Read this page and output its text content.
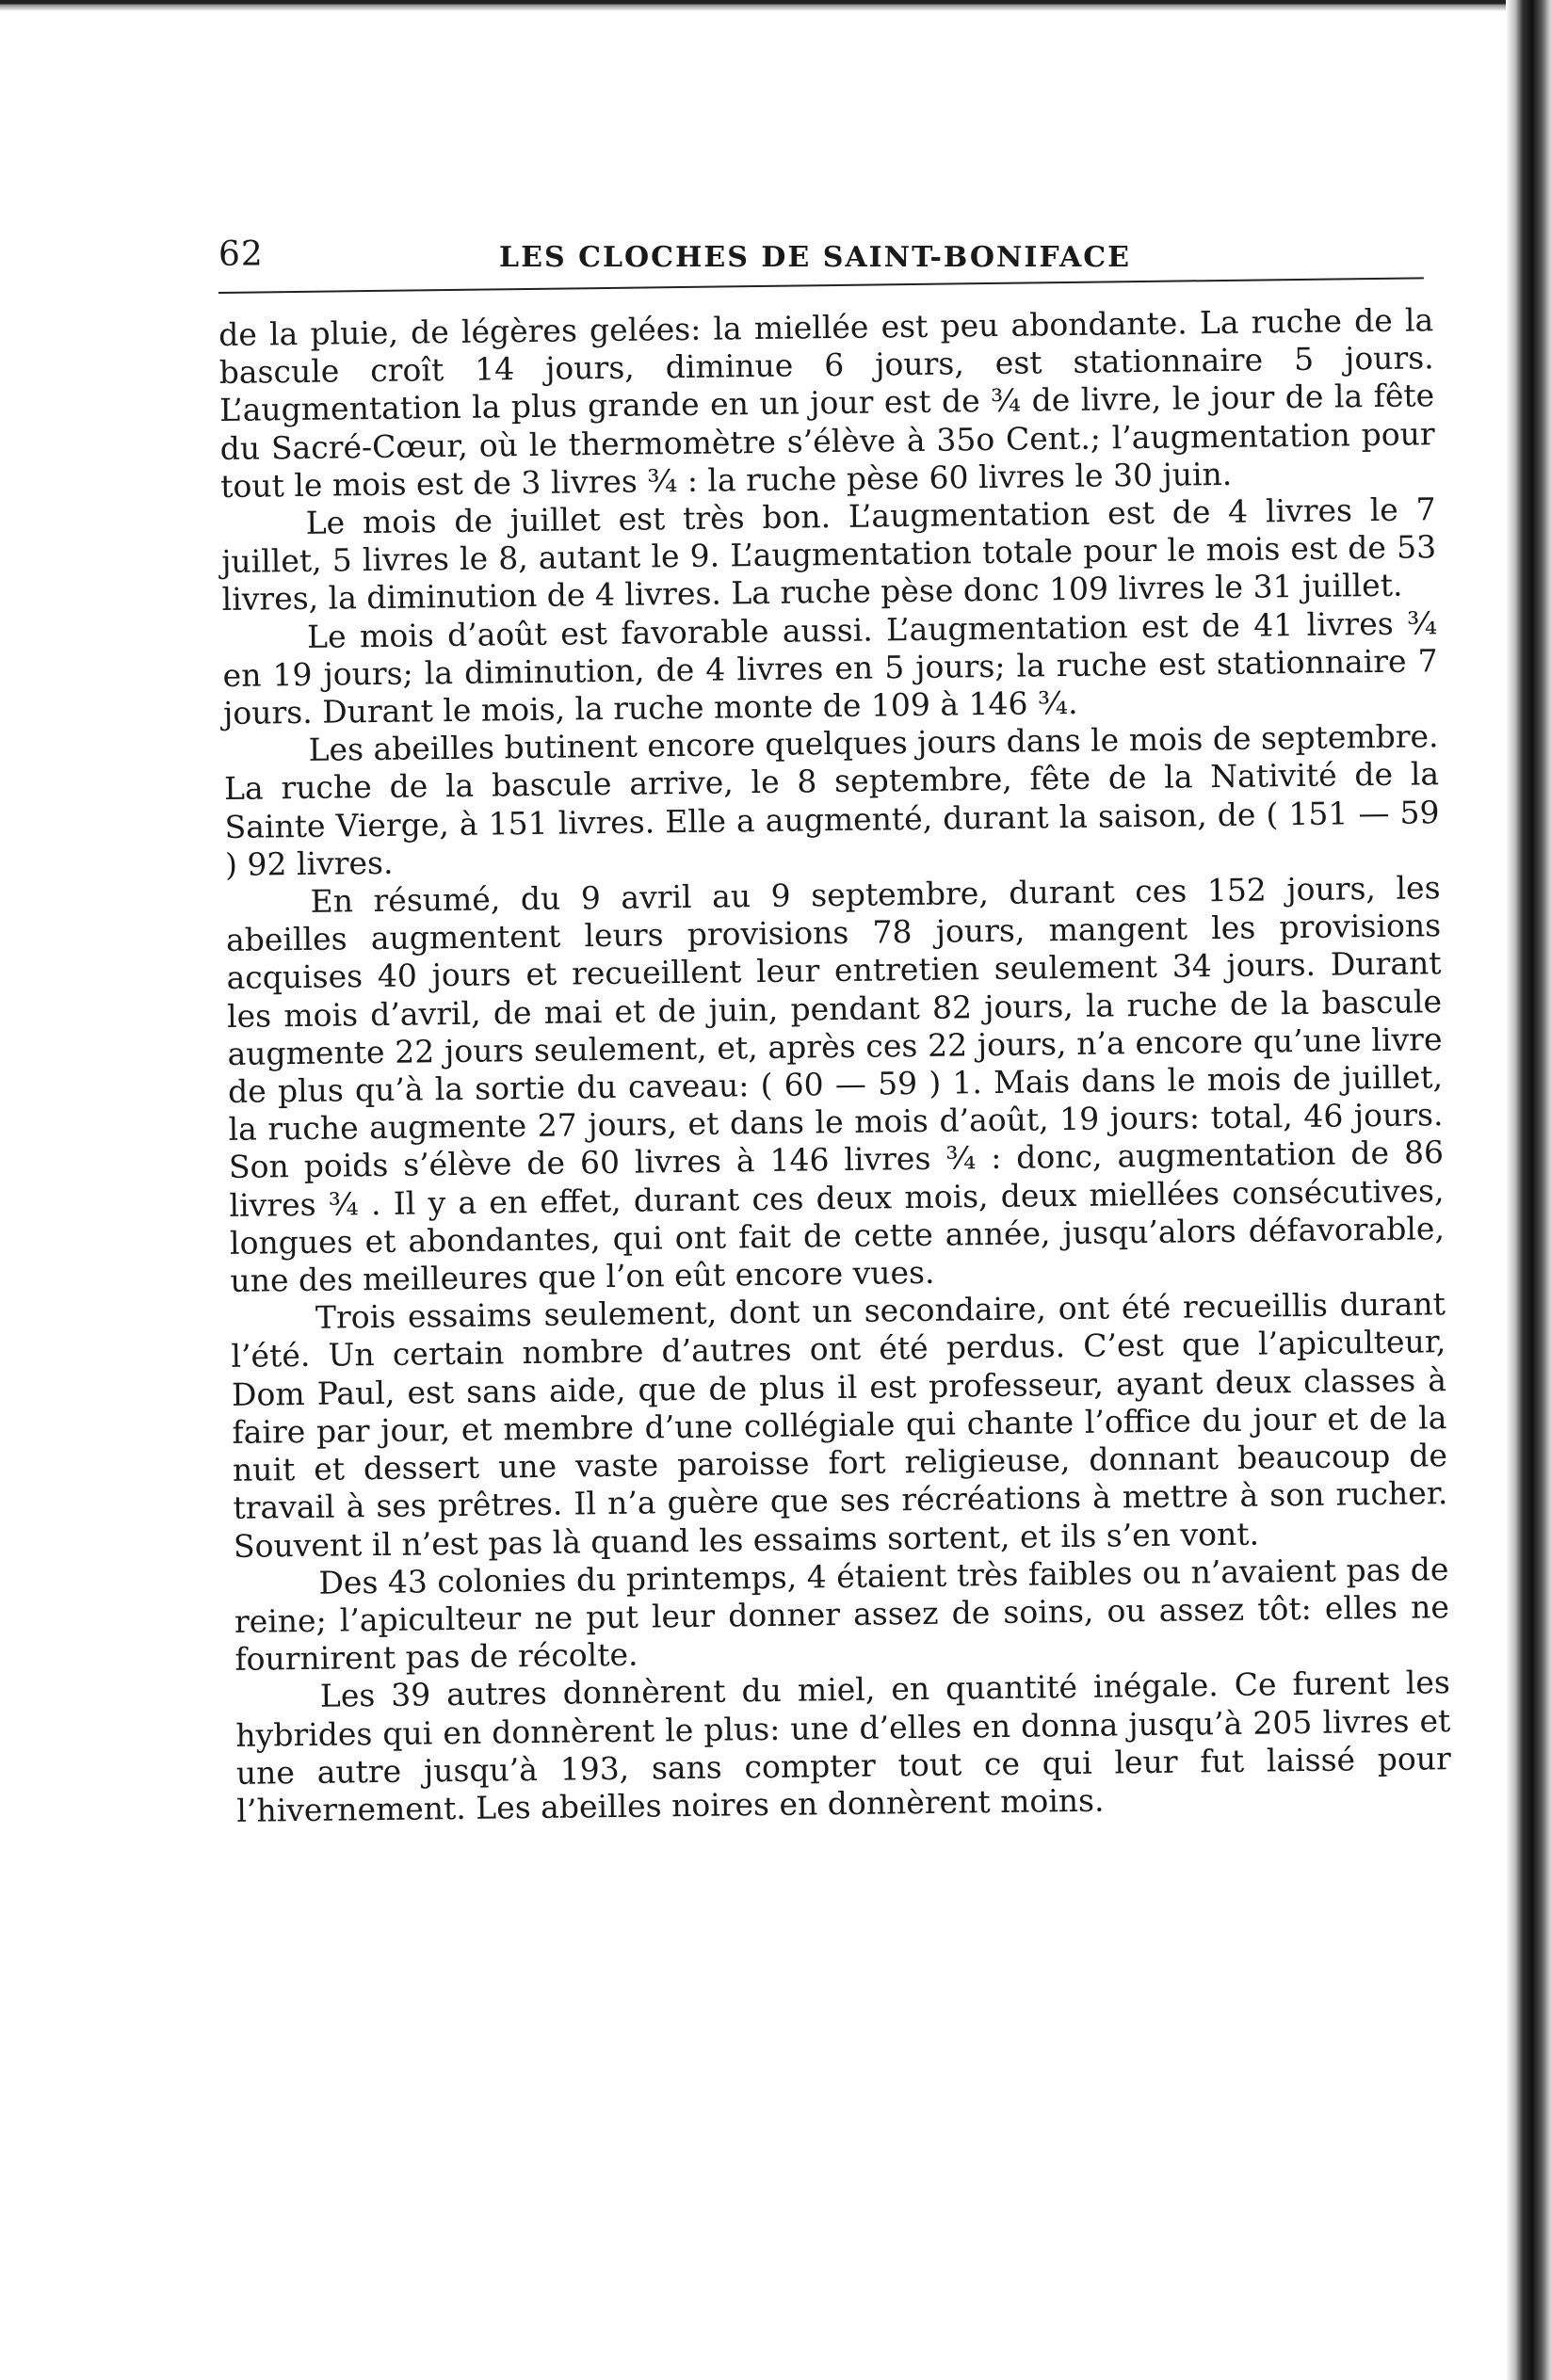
62	LES CLOCHES DE SAINT-BONIFACE

de la pluie, de légères gelées: la miellée est peu abondante. La ruche de la bascule croît 14 jours, diminue 6 jours, est stationnaire 5 jours. L’augmentation la plus grande en un jour est de ¾ de livre, le jour de la fête du Sacré-Cœur, où le thermomètre s’élève à 35o Cent.; l’augmentation pour tout le mois est de 3 livres ¾ : la ruche pèse 60 livres le 30 juin.

Le mois de juillet est très bon. L’augmentation est de 4 livres le 7 juillet, 5 livres le 8, autant le 9. L’augmentation totale pour le mois est de 53 livres, la diminution de 4 livres. La ruche pèse donc 109 livres le 31 juillet.

Le mois d’août est favorable aussi. L’augmentation est de 41 livres ¾ en 19 jours; la diminution, de 4 livres en 5 jours; la ruche est stationnaire 7 jours. Durant le mois, la ruche monte de 109 à 146 ¾.

Les abeilles butinent encore quelques jours dans le mois de septembre. La ruche de la bascule arrive, le 8 septembre, fête de la Nativité de la Sainte Vierge, à 151 livres. Elle a augmenté, durant la saison, de ( 151 — 59 ) 92 livres.

En résumé, du 9 avril au 9 septembre, durant ces 152 jours, les abeilles augmentent leurs provisions 78 jours, mangent les provisions acquises 40 jours et recueillent leur entretien seulement 34 jours. Durant les mois d’avril, de mai et de juin, pendant 82 jours, la ruche de la bascule augmente 22 jours seulement, et, après ces 22 jours, n’a encore qu’une livre de plus qu’à la sortie du caveau: ( 60 — 59 ) 1. Mais dans le mois de juillet, la ruche augmente 27 jours, et dans le mois d’août, 19 jours: total, 46 jours. Son poids s’élève de 60 livres à 146 livres ¾ : donc, augmentation de 86 livres ¾ . Il y a en effet, durant ces deux mois, deux miellées consécutives, longues et abondantes, qui ont fait de cette année, jusqu’alors défavorable, une des meilleures que l’on eût encore vues.

Trois essaims seulement, dont un secondaire, ont été recueillis durant l’été. Un certain nombre d’autres ont été perdus. C’est que l’apiculteur, Dom Paul, est sans aide, que de plus il est professeur, ayant deux classes à faire par jour, et membre d’une collégiale qui chante l’office du jour et de la nuit et dessert une vaste paroisse fort religieuse, donnant beaucoup de travail à ses prêtres. Il n’a guère que ses récréations à mettre à son rucher. Souvent il n’est pas là quand les essaims sortent, et ils s’en vont.

Des 43 colonies du printemps, 4 étaient très faibles ou n’avaient pas de reine; l’apiculteur ne put leur donner assez de soins, ou assez tôt: elles ne fournirent pas de récolte.

Les 39 autres donnèrent du miel, en quantité inégale. Ce furent les hybrides qui en donnèrent le plus: une d’elles en donna jusqu’à 205 livres et une autre jusqu’à 193, sans compter tout ce qui leur fut laissé pour l’hivernement. Les abeilles noires en donnèrent moins.
